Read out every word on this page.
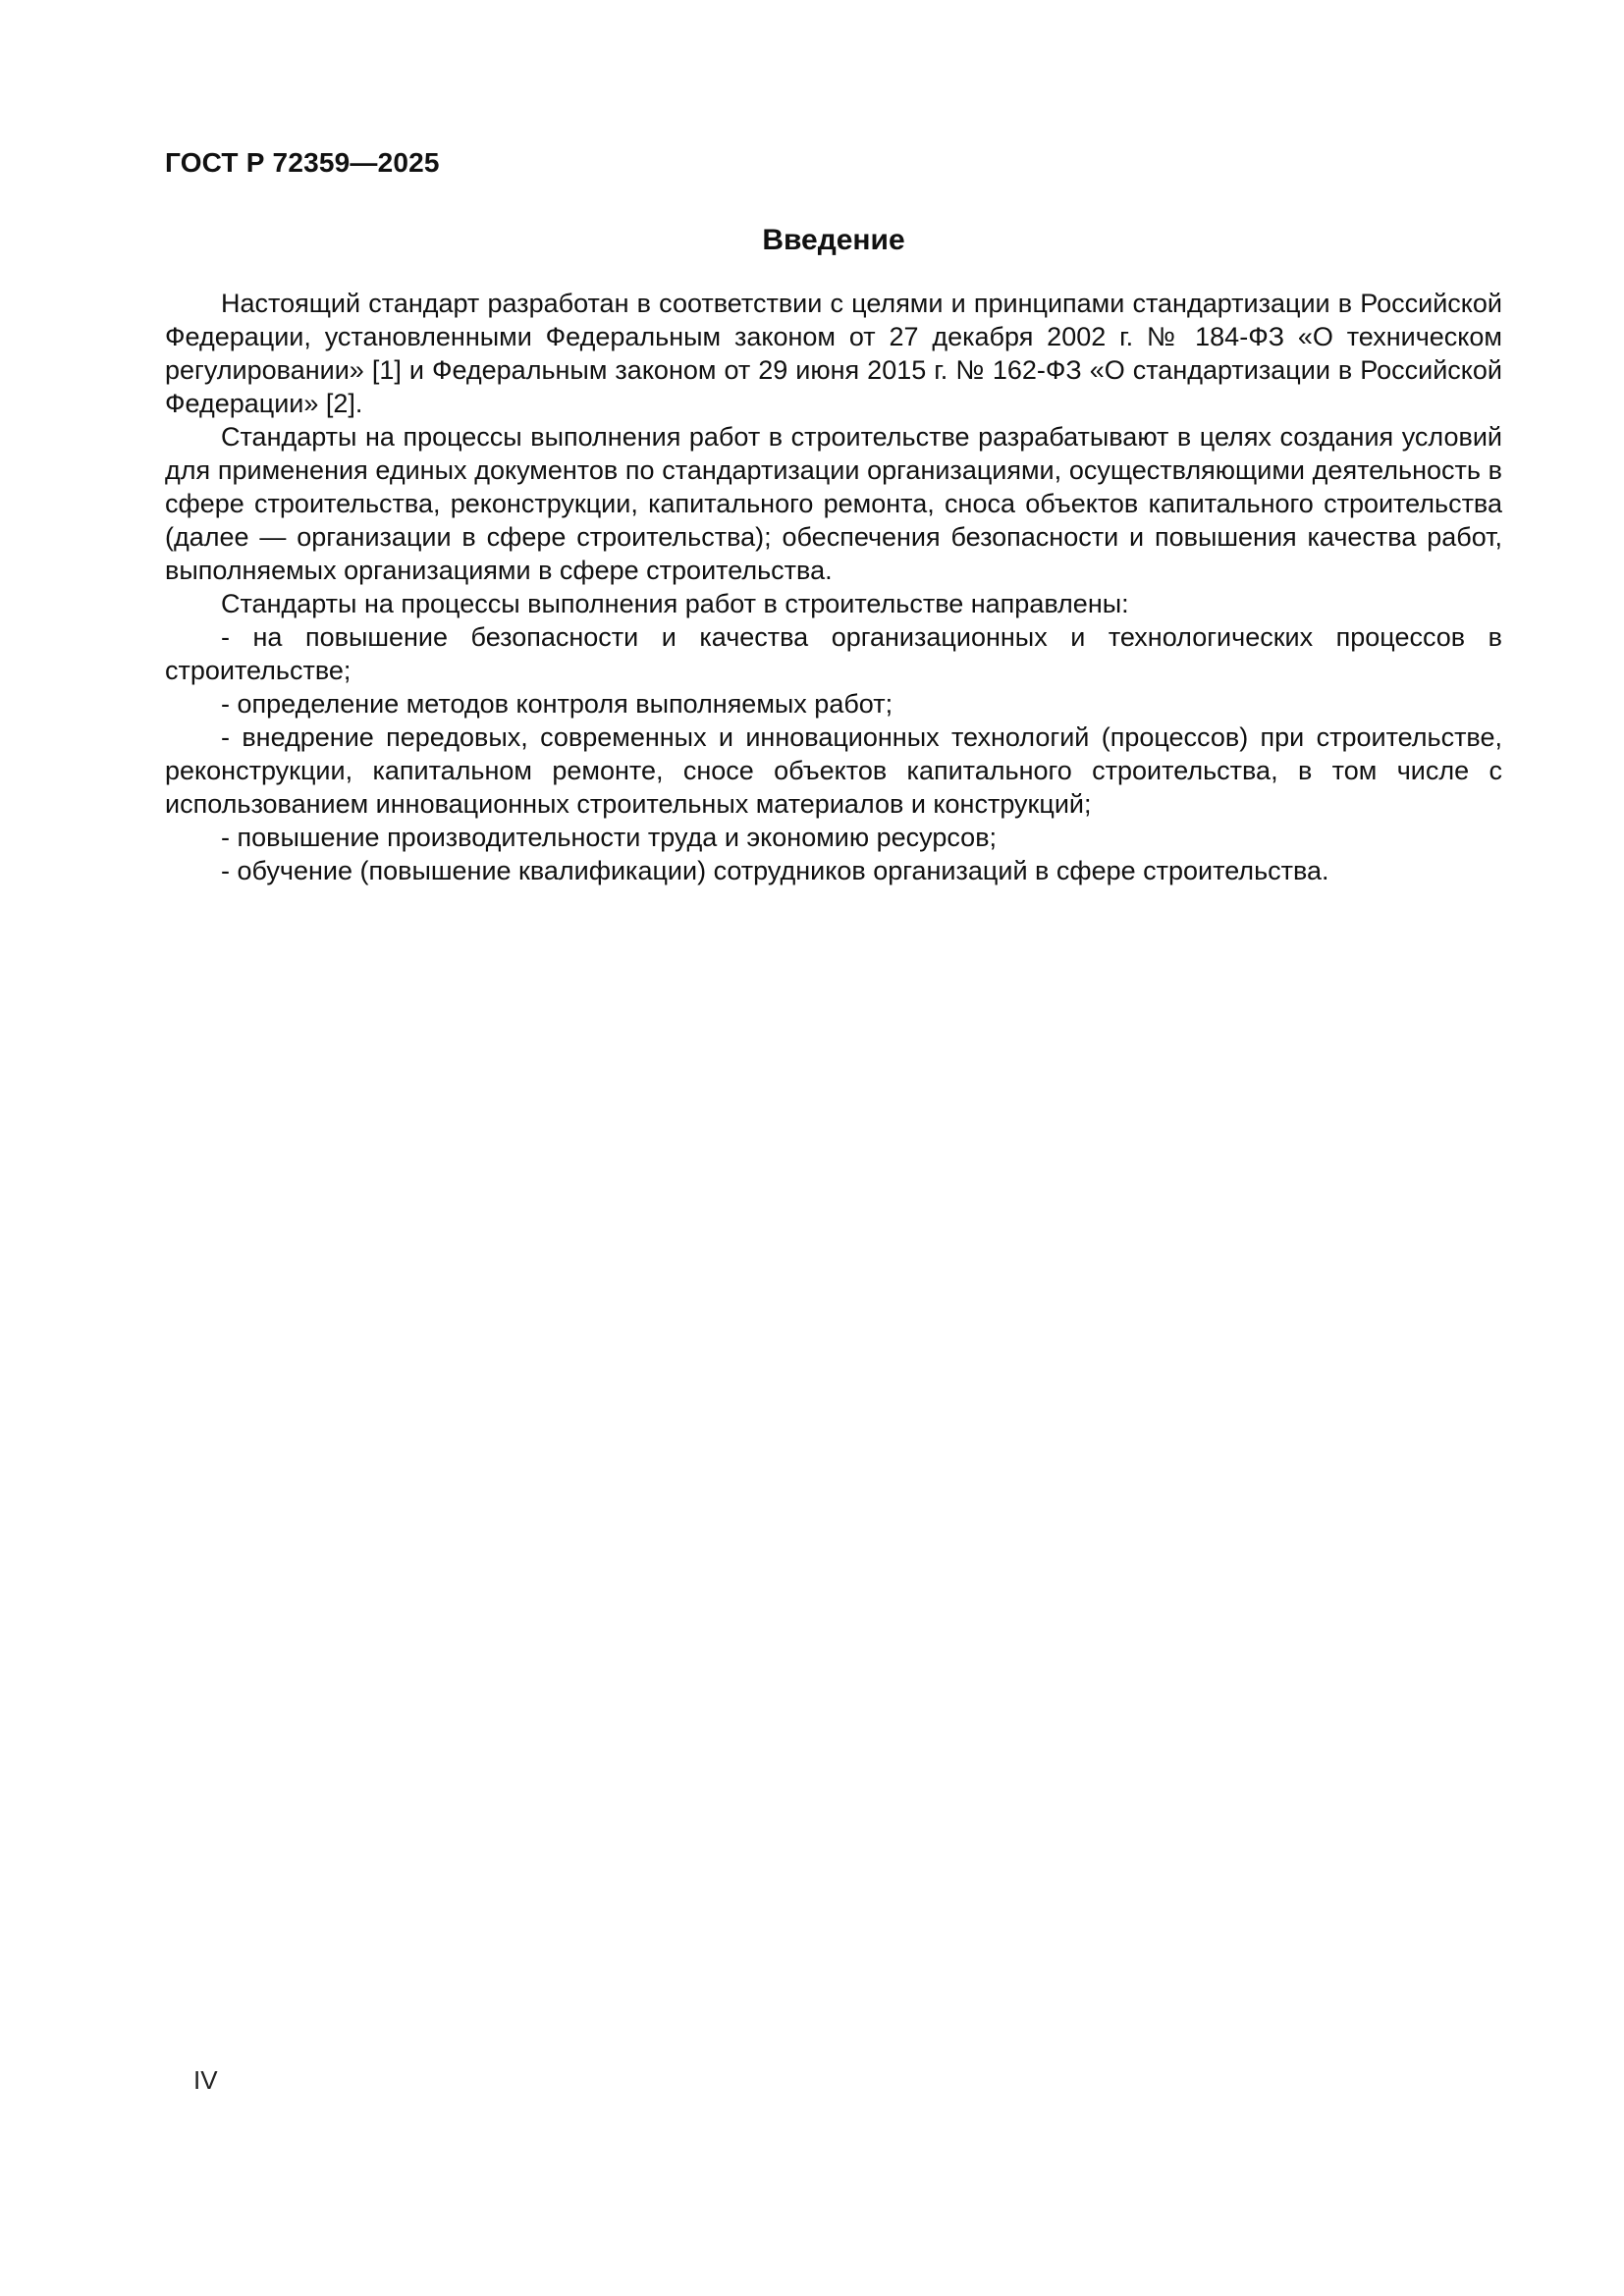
ГОСТ Р 72359—2025
Введение

Настоящий стандарт разработан в соответствии с целями и принципами стандартизации в Российской Федерации, установленными Федеральным законом от 27 декабря 2002 г. № 184-ФЗ «О техническом регулировании» [1] и Федеральным законом от 29 июня 2015 г. № 162-ФЗ «О стандартизации в Российской Федерации» [2].

Стандарты на процессы выполнения работ в строительстве разрабатывают в целях создания условий для применения единых документов по стандартизации организациями, осуществляющими деятельность в сфере строительства, реконструкции, капитального ремонта, сноса объектов капитального строительства (далее — организации в сфере строительства); обеспечения безопасности и повышения качества работ, выполняемых организациями в сфере строительства.

Стандарты на процессы выполнения работ в строительстве направлены:

- на повышение безопасности и качества организационных и технологических процессов в строительстве;

- определение методов контроля выполняемых работ;

- внедрение передовых, современных и инновационных технологий (процессов) при строительстве, реконструкции, капитальном ремонте, сносе объектов капитального строительства, в том числе с использованием инновационных строительных материалов и конструкций;

- повышение производительности труда и экономию ресурсов;

- обучение (повышение квалификации) сотрудников организаций в сфере строительства.

IV
